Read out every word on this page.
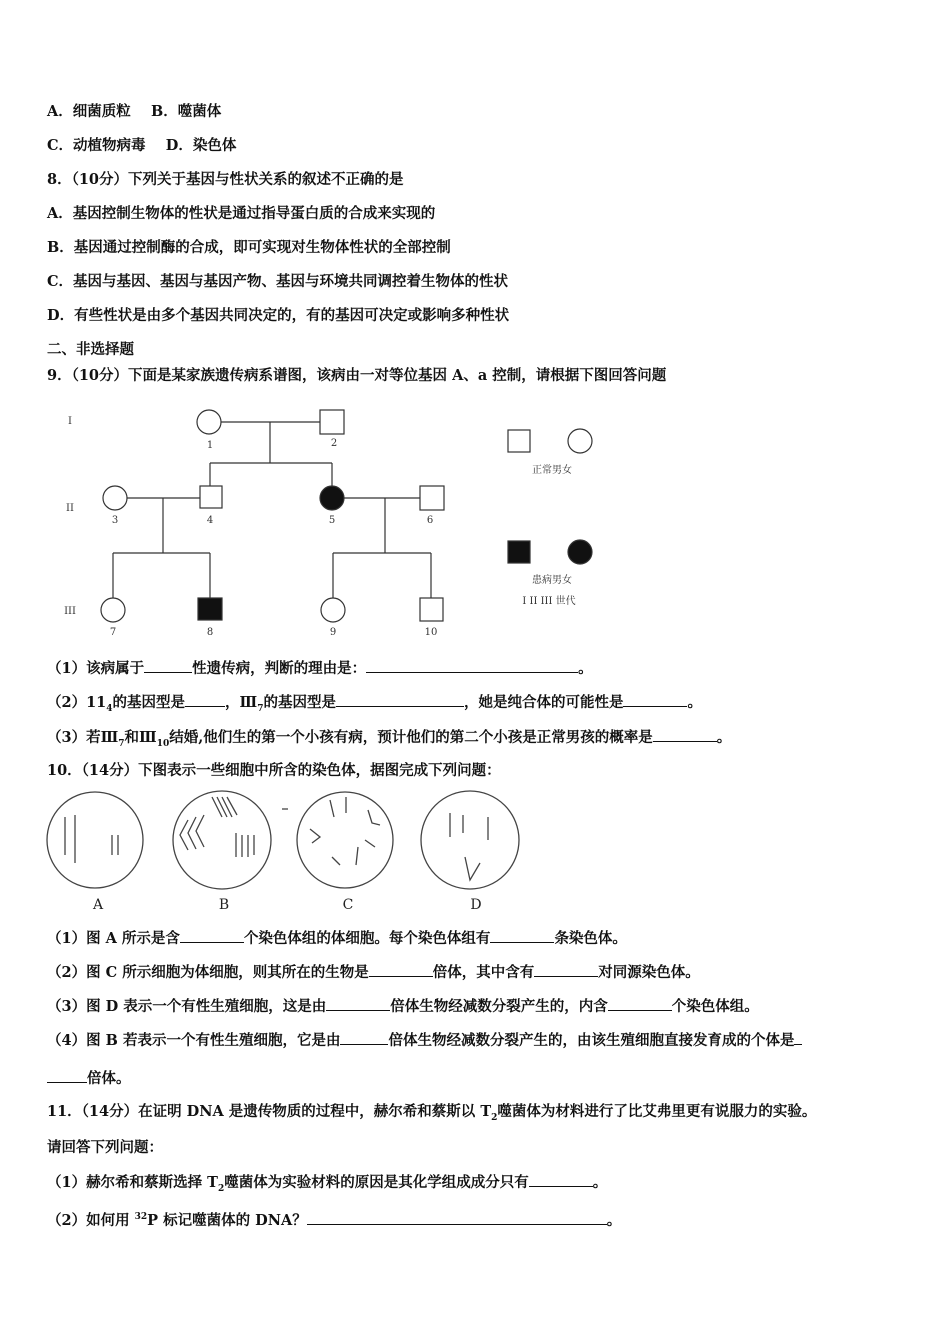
A．细菌质粒 B．噬菌体
C．动植物病毒 D．染色体
8．（10分）下列关于基因与性状关系的叙述不正确的是
A．基因控制生物体的性状是通过指导蛋白质的合成来实现的
B．基因通过控制酶的合成，即可实现对生物体性状的全部控制
C．基因与基因、基因与基因产物、基因与环境共同调控着生物体的性状
D．有些性状是由多个基因共同决定的，有的基因可决定或影响多种性状
二、非选择题
9．（10分）下面是某家族遗传病系谱图，该病由一对等位基因 A、a 控制，请根据下图回答问题
I
II
III
1	2
3	4	5	6
7	8	9	10
正常男女
患病男女
I II III 世代
（1）该病属于	性遗传病，判断的理由是：	。
$(2)11_4$的基因型是	，$Ⅲ_7$的基因型是	，她是纯合体的可能性是	。
（3）若$Ⅲ_7$和$Ⅲ_{10}$结婚,他们生的第一个小孩有病，预计他们的第二个小孩是正常男孩的概率是	。
10．（14分）下图表示一些细胞中所含的染色体，据图完成下列问题：
A	B	C	D
（1）图 A 所示是含	个染色体组的体细胞。每个染色体组有	条染色体。
（2）图 C 所示细胞为体细胞，则其所在的生物是	倍体，其中含有	对同源染色体。
（3）图 D 表示一个有性生殖细胞，这是由	倍体生物经减数分裂产生的，内含	个染色体组。
（4）图 B 若表示一个有性生殖细胞，它是由	倍体生物经减数分裂产生的，由该生殖细胞直接发育成的个体是
倍体。
11．（14分）在证明 DNA 是遗传物质的过程中，赫尔希和蔡斯以 $T_2$噬菌体为材料进行了比艾弗里更有说服力的实验。
请回答下列问题：
（1）赫尔希和蔡斯选择 $T_2$噬菌体为实验材料的原因是其化学组成成分只有	。
（2）如何用 $^{32}$P 标记噬菌体的 DNA？	。
